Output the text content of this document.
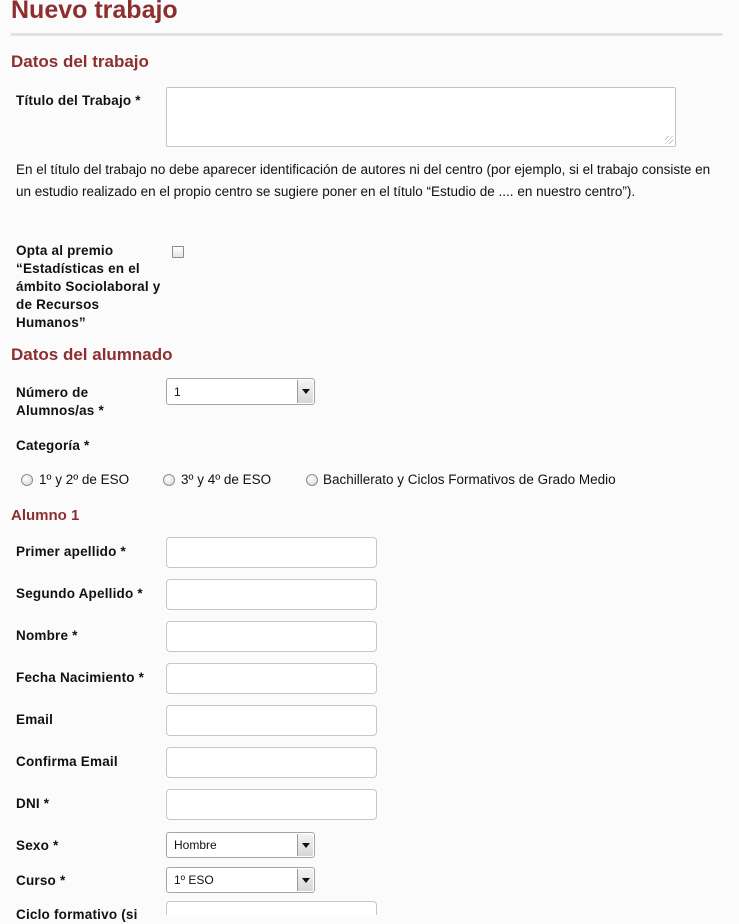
Nuevo trabajo
Datos del trabajo
Título del Trabajo *
En el título del trabajo no debe aparecer identificación de autores ni del centro (por ejemplo, si el trabajo consiste en un estudio realizado en el propio centro se sugiere poner en el título “Estudio de .... en nuestro centro”).
Opta al premio “Estadísticas en el ámbito Sociolaboral y de Recursos Humanos”
Datos del alumnado
Número de Alumnos/as *
1
Categoría *
1º y 2º de ESO	3º y 4º de ESO	Bachillerato y Ciclos Formativos de Grado Medio
Alumno 1
Primer apellido *
Segundo Apellido *
Nombre *
Fecha Nacimiento *
Email
Confirma Email
DNI *
Sexo *	Hombre
Curso *	1º ESO
Ciclo formativo (si
